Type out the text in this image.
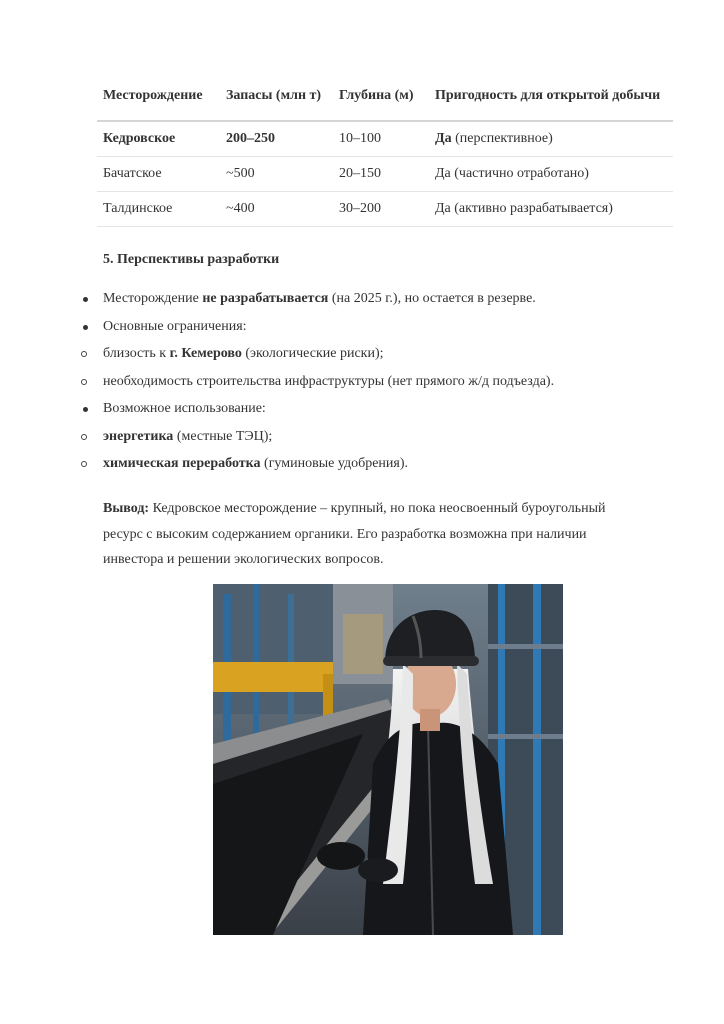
Месторождение	Запасы (млн т)	Глубина (м)	Пригодность для открытой добычи
Кедровское	200–250	10–100	Да (перспективное)
Бачатское	~500	20–150	Да (частично отработано)
Талдинское	~400	30–200	Да (активно разрабатывается)
5. Перспективы разработки
Месторождение не разрабатывается (на 2025 г.), но остается в резерве.
Основные ограничения:
близость к г. Кемерово (экологические риски);
необходимость строительства инфраструктуры (нет прямого ж/д подъезда).
Возможное использование:
энергетика (местные ТЭЦ);
химическая переработка (гуминовые удобрения).

Вывод: Кедровское месторождение – крупный, но пока неосвоенный буроугольный ресурс с высоким содержанием органики. Его разработка возможна при наличии инвестора и решении экологических вопросов.
